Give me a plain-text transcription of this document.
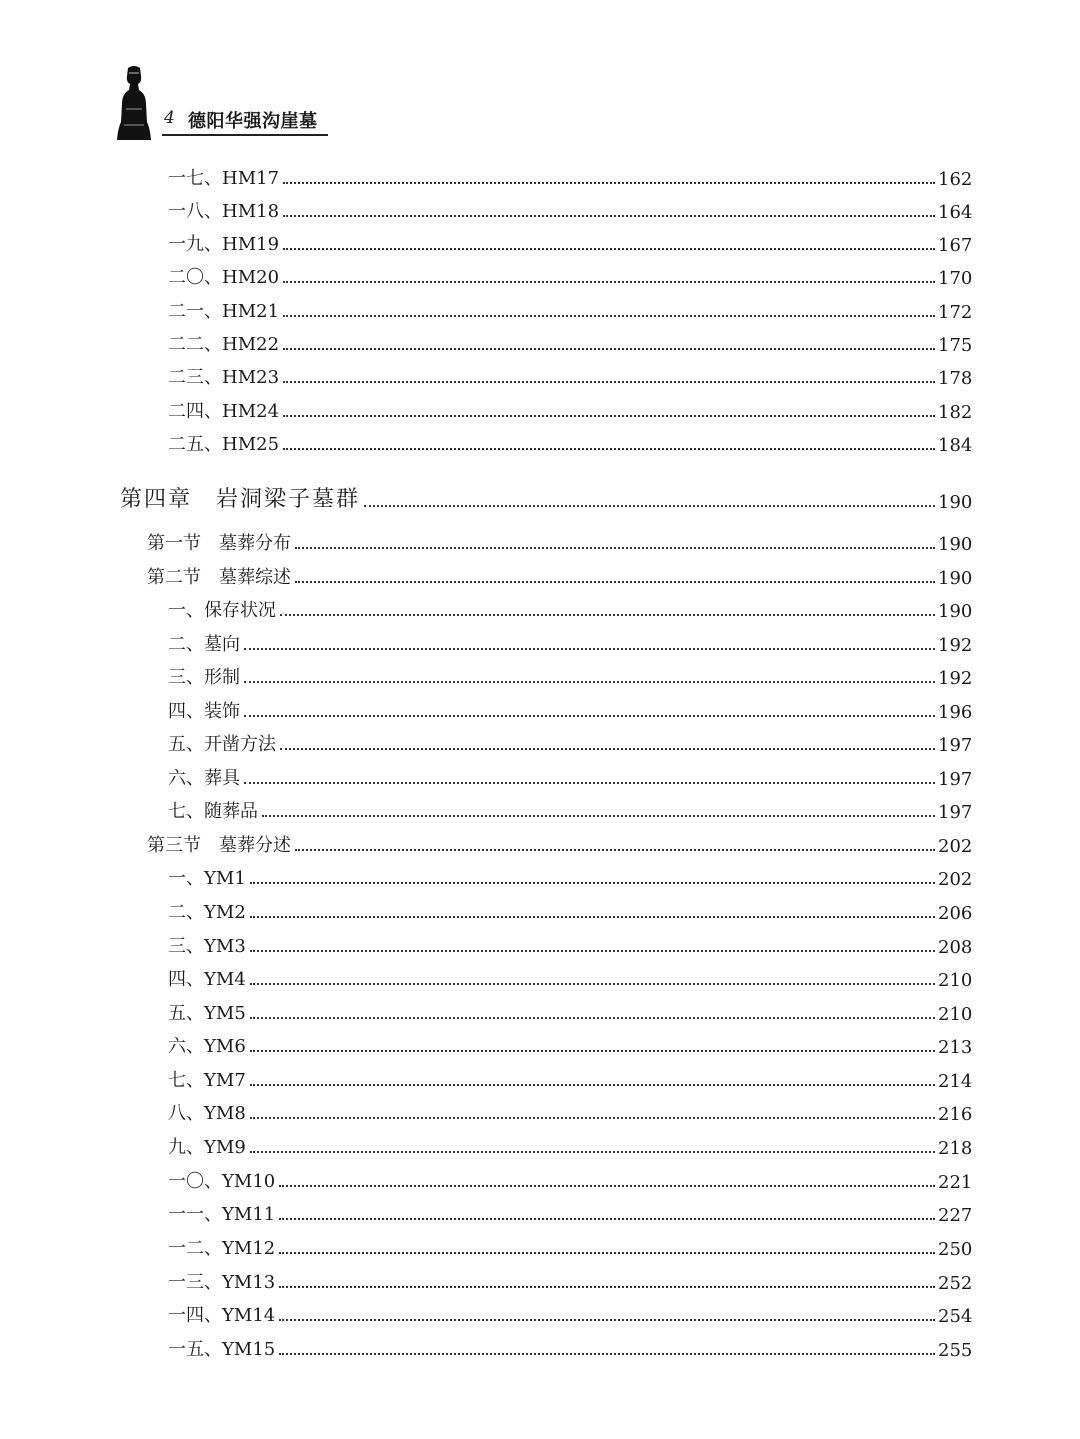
4 德阳华强沟崖墓
一七、HM17	162
一八、HM18	164
一九、HM19	167
二〇、HM20	170
二一、HM21	172
二二、HM22	175
二三、HM23	178
二四、HM24	182
二五、HM25	184
第四章　岩洞梁子墓群	190
第一节　墓葬分布	190
第二节　墓葬综述	190
一、保存状况	190
二、墓向	192
三、形制	192
四、装饰	196
五、开凿方法	197
六、葬具	197
七、随葬品	197
第三节　墓葬分述	202
一、YM1	202
二、YM2	206
三、YM3	208
四、YM4	210
五、YM5	210
六、YM6	213
七、YM7	214
八、YM8	216
九、YM9	218
一〇、YM10	221
一一、YM11	227
一二、YM12	250
一三、YM13	252
一四、YM14	254
一五、YM15	255
